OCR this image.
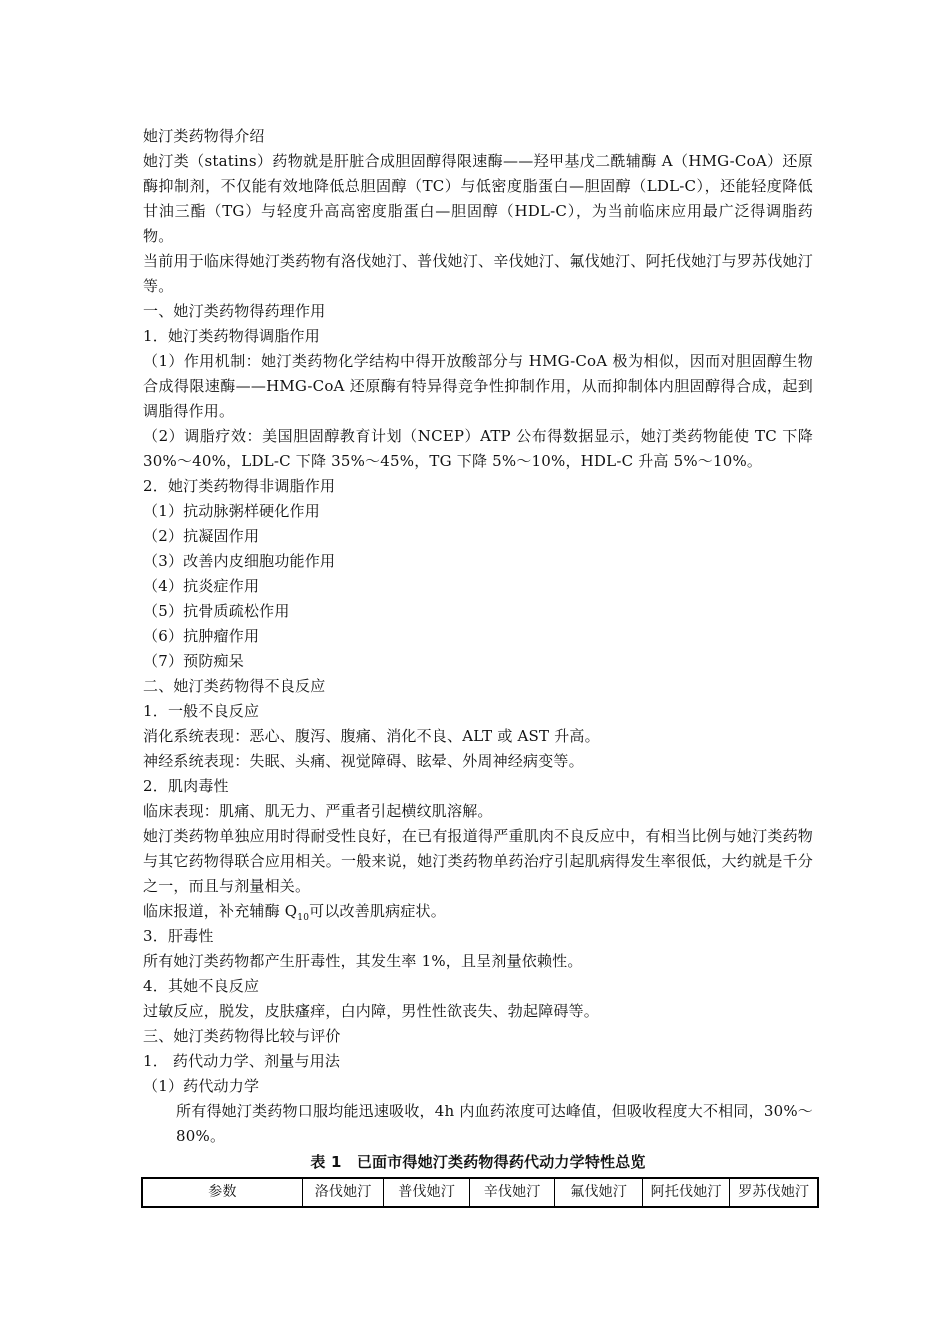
她汀类药物得介绍

她汀类（statins）药物就是肝脏合成胆固醇得限速酶——羟甲基戊二酰辅酶 A（HMG-CoA）还原酶抑制剂，不仅能有效地降低总胆固醇（TC）与低密度脂蛋白—胆固醇（LDL-C），还能轻度降低甘油三酯（TG）与轻度升高高密度脂蛋白—胆固醇（HDL-C），为当前临床应用最广泛得调脂药物。

当前用于临床得她汀类药物有洛伐她汀、普伐她汀、辛伐她汀、氟伐她汀、阿托伐她汀与罗苏伐她汀等。

一、她汀类药物得药理作用

1．她汀类药物得调脂作用

（1）作用机制：她汀类药物化学结构中得开放酸部分与 HMG-CoA 极为相似，因而对胆固醇生物合成得限速酶——HMG-CoA 还原酶有特异得竞争性抑制作用，从而抑制体内胆固醇得合成，起到调脂得作用。

（2）调脂疗效：美国胆固醇教育计划（NCEP）ATP 公布得数据显示，她汀类药物能使 TC 下降 30%～40%，LDL-C 下降 35%～45%，TG 下降 5%～10%，HDL-C 升高 5%～10%。

2．她汀类药物得非调脂作用

（1）抗动脉粥样硬化作用

（2）抗凝固作用

（3）改善内皮细胞功能作用

（4）抗炎症作用

（5）抗骨质疏松作用

（6）抗肿瘤作用

（7）预防痴呆

二、她汀类药物得不良反应

1．一般不良反应

消化系统表现：恶心、腹泻、腹痛、消化不良、ALT 或 AST 升高。

神经系统表现：失眠、头痛、视觉障碍、眩晕、外周神经病变等。

2．肌肉毒性

临床表现：肌痛、肌无力、严重者引起横纹肌溶解。

她汀类药物单独应用时得耐受性良好，在已有报道得严重肌肉不良反应中，有相当比例与她汀类药物与其它药物得联合应用相关。一般来说，她汀类药物单药治疗引起肌病得发生率很低，大约就是千分之一，而且与剂量相关。

临床报道，补充辅酶 $Q_{10}$可以改善肌病症状。

3．肝毒性

所有她汀类药物都产生肝毒性，其发生率 1%，且呈剂量依赖性。

4．其她不良反应

过敏反应，脱发，皮肤瘙痒，白内障，男性性欲丧失、勃起障碍等。

三、她汀类药物得比较与评价

1． 药代动力学、剂量与用法

（1）药代动力学

所有得她汀类药物口服均能迅速吸收，4h 内血药浓度可达峰值，但吸收程度大不相同，30%～80%。

表 1　已面市得她汀类药物得药代动力学特性总览
参数	洛伐她汀	普伐她汀	辛伐她汀	氟伐她汀	阿托伐她汀	罗苏伐她汀
